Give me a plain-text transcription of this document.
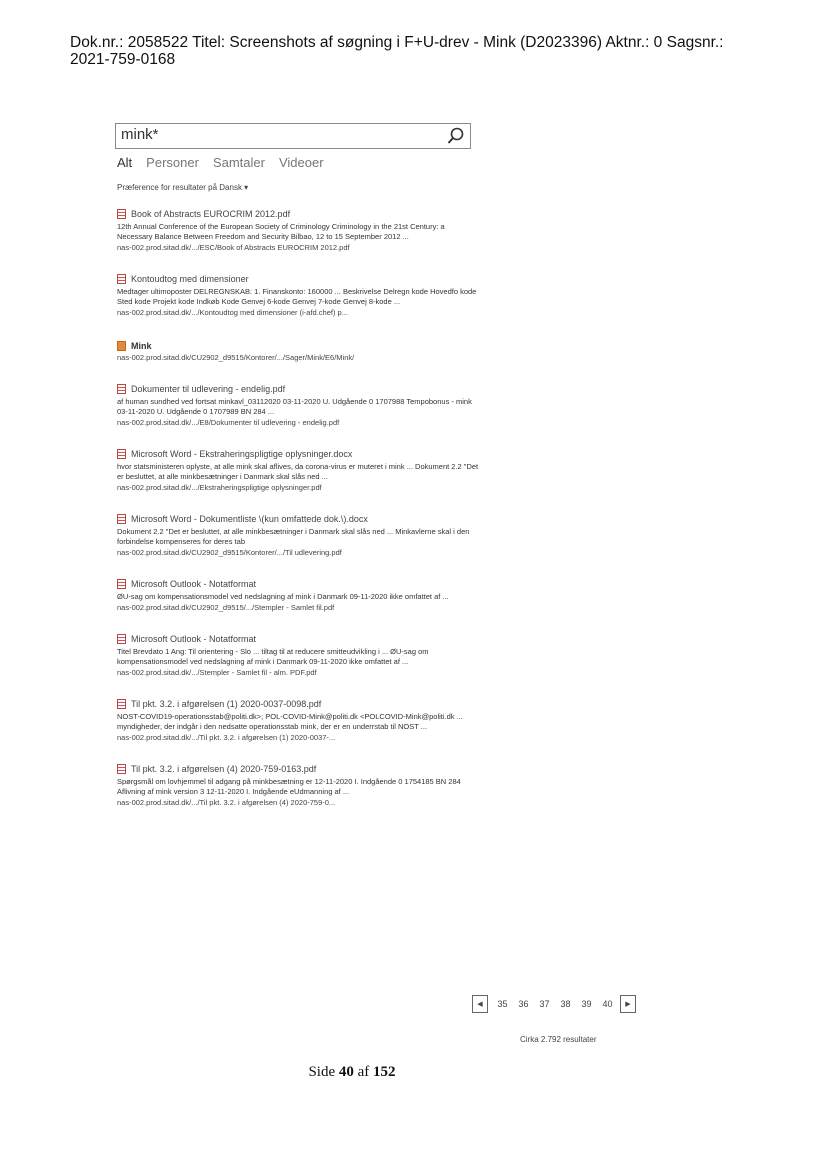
Dok.nr.: 2058522 Titel: Screenshots af søgning i F+U-drev - Mink (D2023396) Aktnr.: 0 Sagsnr.:
2021-759-0168
mink*
Alt Personer Samtaler Videoer
Præference for resultater på Dansk ▾
Book of Abstracts EUROCRIM 2012.pdf
12th Annual Conference of the European Society of Criminology Criminology in the 21st Century: a Necessary Balance Between Freedom and Security Bilbao, 12 to 15 September 2012 ...
nas-002.prod.sitad.dk/.../ESC/Book of Abstracts EUROCRIM 2012.pdf
Kontoudtog med dimensioner
Medtager ultimoposter DELREGNSKAB: 1. Finanskonto: 160000 ... Beskrivelse Delregn kode Hovedfo kode Sted kode Projekt kode Indkøb Kode Genvej 6-kode Genvej 7-kode Genvej 8-kode ...
nas-002.prod.sitad.dk/.../Kontoudtog med dimensioner (i-afd.chef) p...
Mink
nas-002.prod.sitad.dk/CU2902_d9515/Kontorer/.../Sager/Mink/E6/Mink/
Dokumenter til udlevering - endelig.pdf
af human sundhed ved fortsat minkavl_03112020 03-11-2020 U. Udgående 0 1707988 Tempobonus - mink 03-11-2020 U. Udgående 0 1707989 BN 284 ...
nas-002.prod.sitad.dk/.../E8/Dokumenter til udlevering - endelig.pdf
Microsoft Word - Ekstraheringspligtige oplysninger.docx
hvor statsministeren oplyste, at alle mink skal aflives, da corona-virus er muteret i mink ... Dokument 2.2 "Det er besluttet, at alle minkbesætninger i Danmark skal slås ned ...
nas-002.prod.sitad.dk/.../Ekstraheringspligtige oplysninger.pdf
Microsoft Word - Dokumentliste \(kun omfattede dok.\).docx
Dokument 2.2 "Det er besluttet, at alle minkbesætninger i Danmark skal slås ned ... Minkavlerne skal i den forbindelse kompenseres for deres tab
nas-002.prod.sitad.dk/CU2902_d9515/Kontorer/.../Til udlevering.pdf
Microsoft Outlook - Notatformat
ØU-sag om kompensationsmodel ved nedslagning af mink i Danmark 09-11-2020 ikke omfattet af ...
nas-002.prod.sitad.dk/CU2902_d9515/.../Stempler - Samlet fil.pdf
Microsoft Outlook - Notatformat
Titel Brevdato 1 Ang: Til orientering - Slo ... tiltag til at reducere smitteudvikling i ... ØU-sag om kompensationsmodel ved nedslagning af mink i Danmark 09-11-2020 ikke omfattet af ...
nas-002.prod.sitad.dk/.../Stempler - Samlet fil - alm. PDF.pdf
Til pkt. 3.2. i afgørelsen (1) 2020-0037-0098.pdf
NOST-COVID19-operationsstab@politi.dk>; POL-COVID-Mink@politi.dk <POLCOVID-Mink@politi.dk ... myndigheder, der indgår i den nedsatte operationsstab mink, der er en underrstab til NOST ...
nas-002.prod.sitad.dk/.../Til pkt. 3.2. i afgørelsen (1) 2020-0037-...
Til pkt. 3.2. i afgørelsen (4) 2020-759-0163.pdf
Spørgsmål om lovhjemmel til adgang på minkbesætning er 12-11-2020 I. Indgående 0 1754185 BN 284 Aflivning af mink version 3 12-11-2020 I. Indgående eUdmanning af ...
nas-002.prod.sitad.dk/.../Til pkt. 3.2. i afgørelsen (4) 2020-759-0...
◀	35	36	37	38	39	40	▶
Cirka 2.792 resultater
Side 40 af 152
